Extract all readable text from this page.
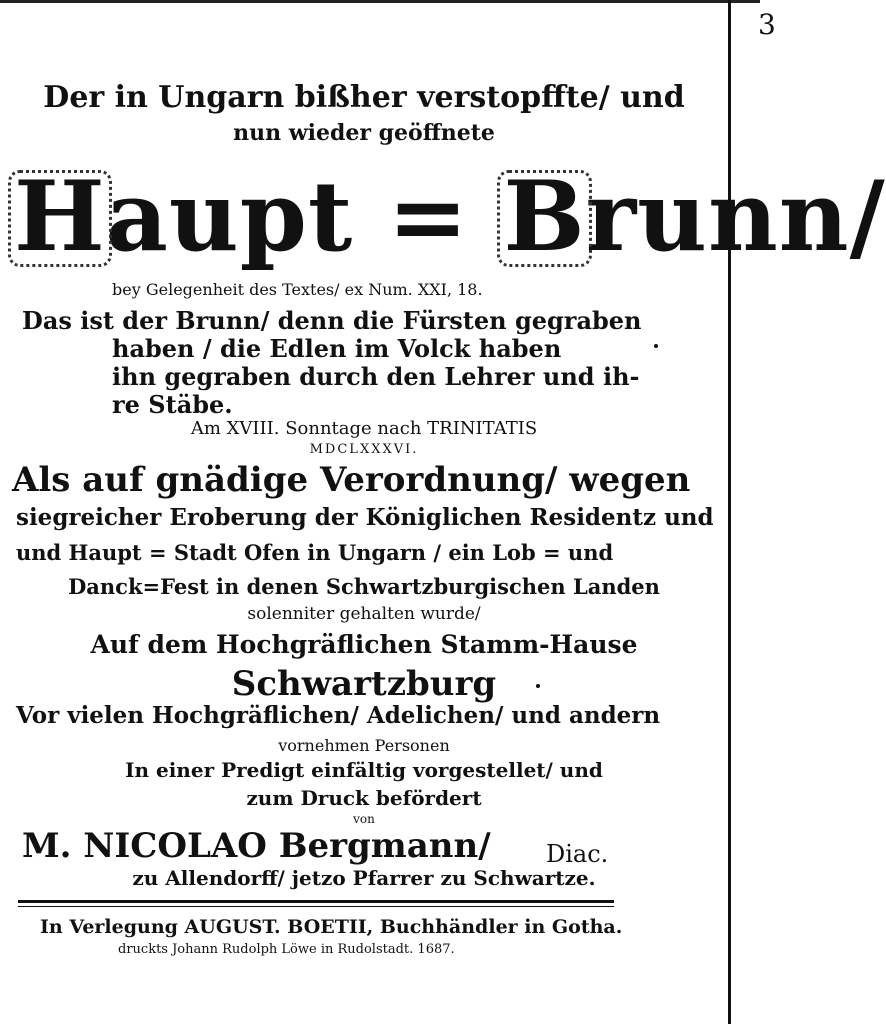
3
Der in Ungarn bißher verstopffte/ und
nun wieder geöffnete
Haupt = Brunn/
bey Gelegenheit des Textes/ ex Num. XXI, 18.
Das ist der Brunn/ denn die Fürsten gegraben
haben / die Edlen im Volck haben
ihn gegraben durch den Lehrer und ih-
re Stäbe.
Am XVIII. Sonntage nach TRINITATIS
MDCLXXXVI.
Als auf gnädige Verordnung/ wegen
siegreicher Eroberung der Königlichen Residentz und
und Haupt = Stadt Ofen in Ungarn / ein Lob = und
Danck=Fest in denen Schwartzburgischen Landen
solenniter gehalten wurde/
Auf dem Hochgräflichen Stamm-Hause
Schwartzburg
Vor vielen Hochgräflichen/ Adelichen/ und andern
vornehmen Personen
In einer Predigt einfältig vorgestellet/ und
zum Druck befördert
von
M. NICOLAO Bergmann/ Diac.
zu Allendorff/ jetzo Pfarrer zu Schwartze.
In Verlegung AUGUST. BOETII, Buchhändler in Gotha.
druckts Johann Rudolph Löwe in Rudolstadt. 1687.
